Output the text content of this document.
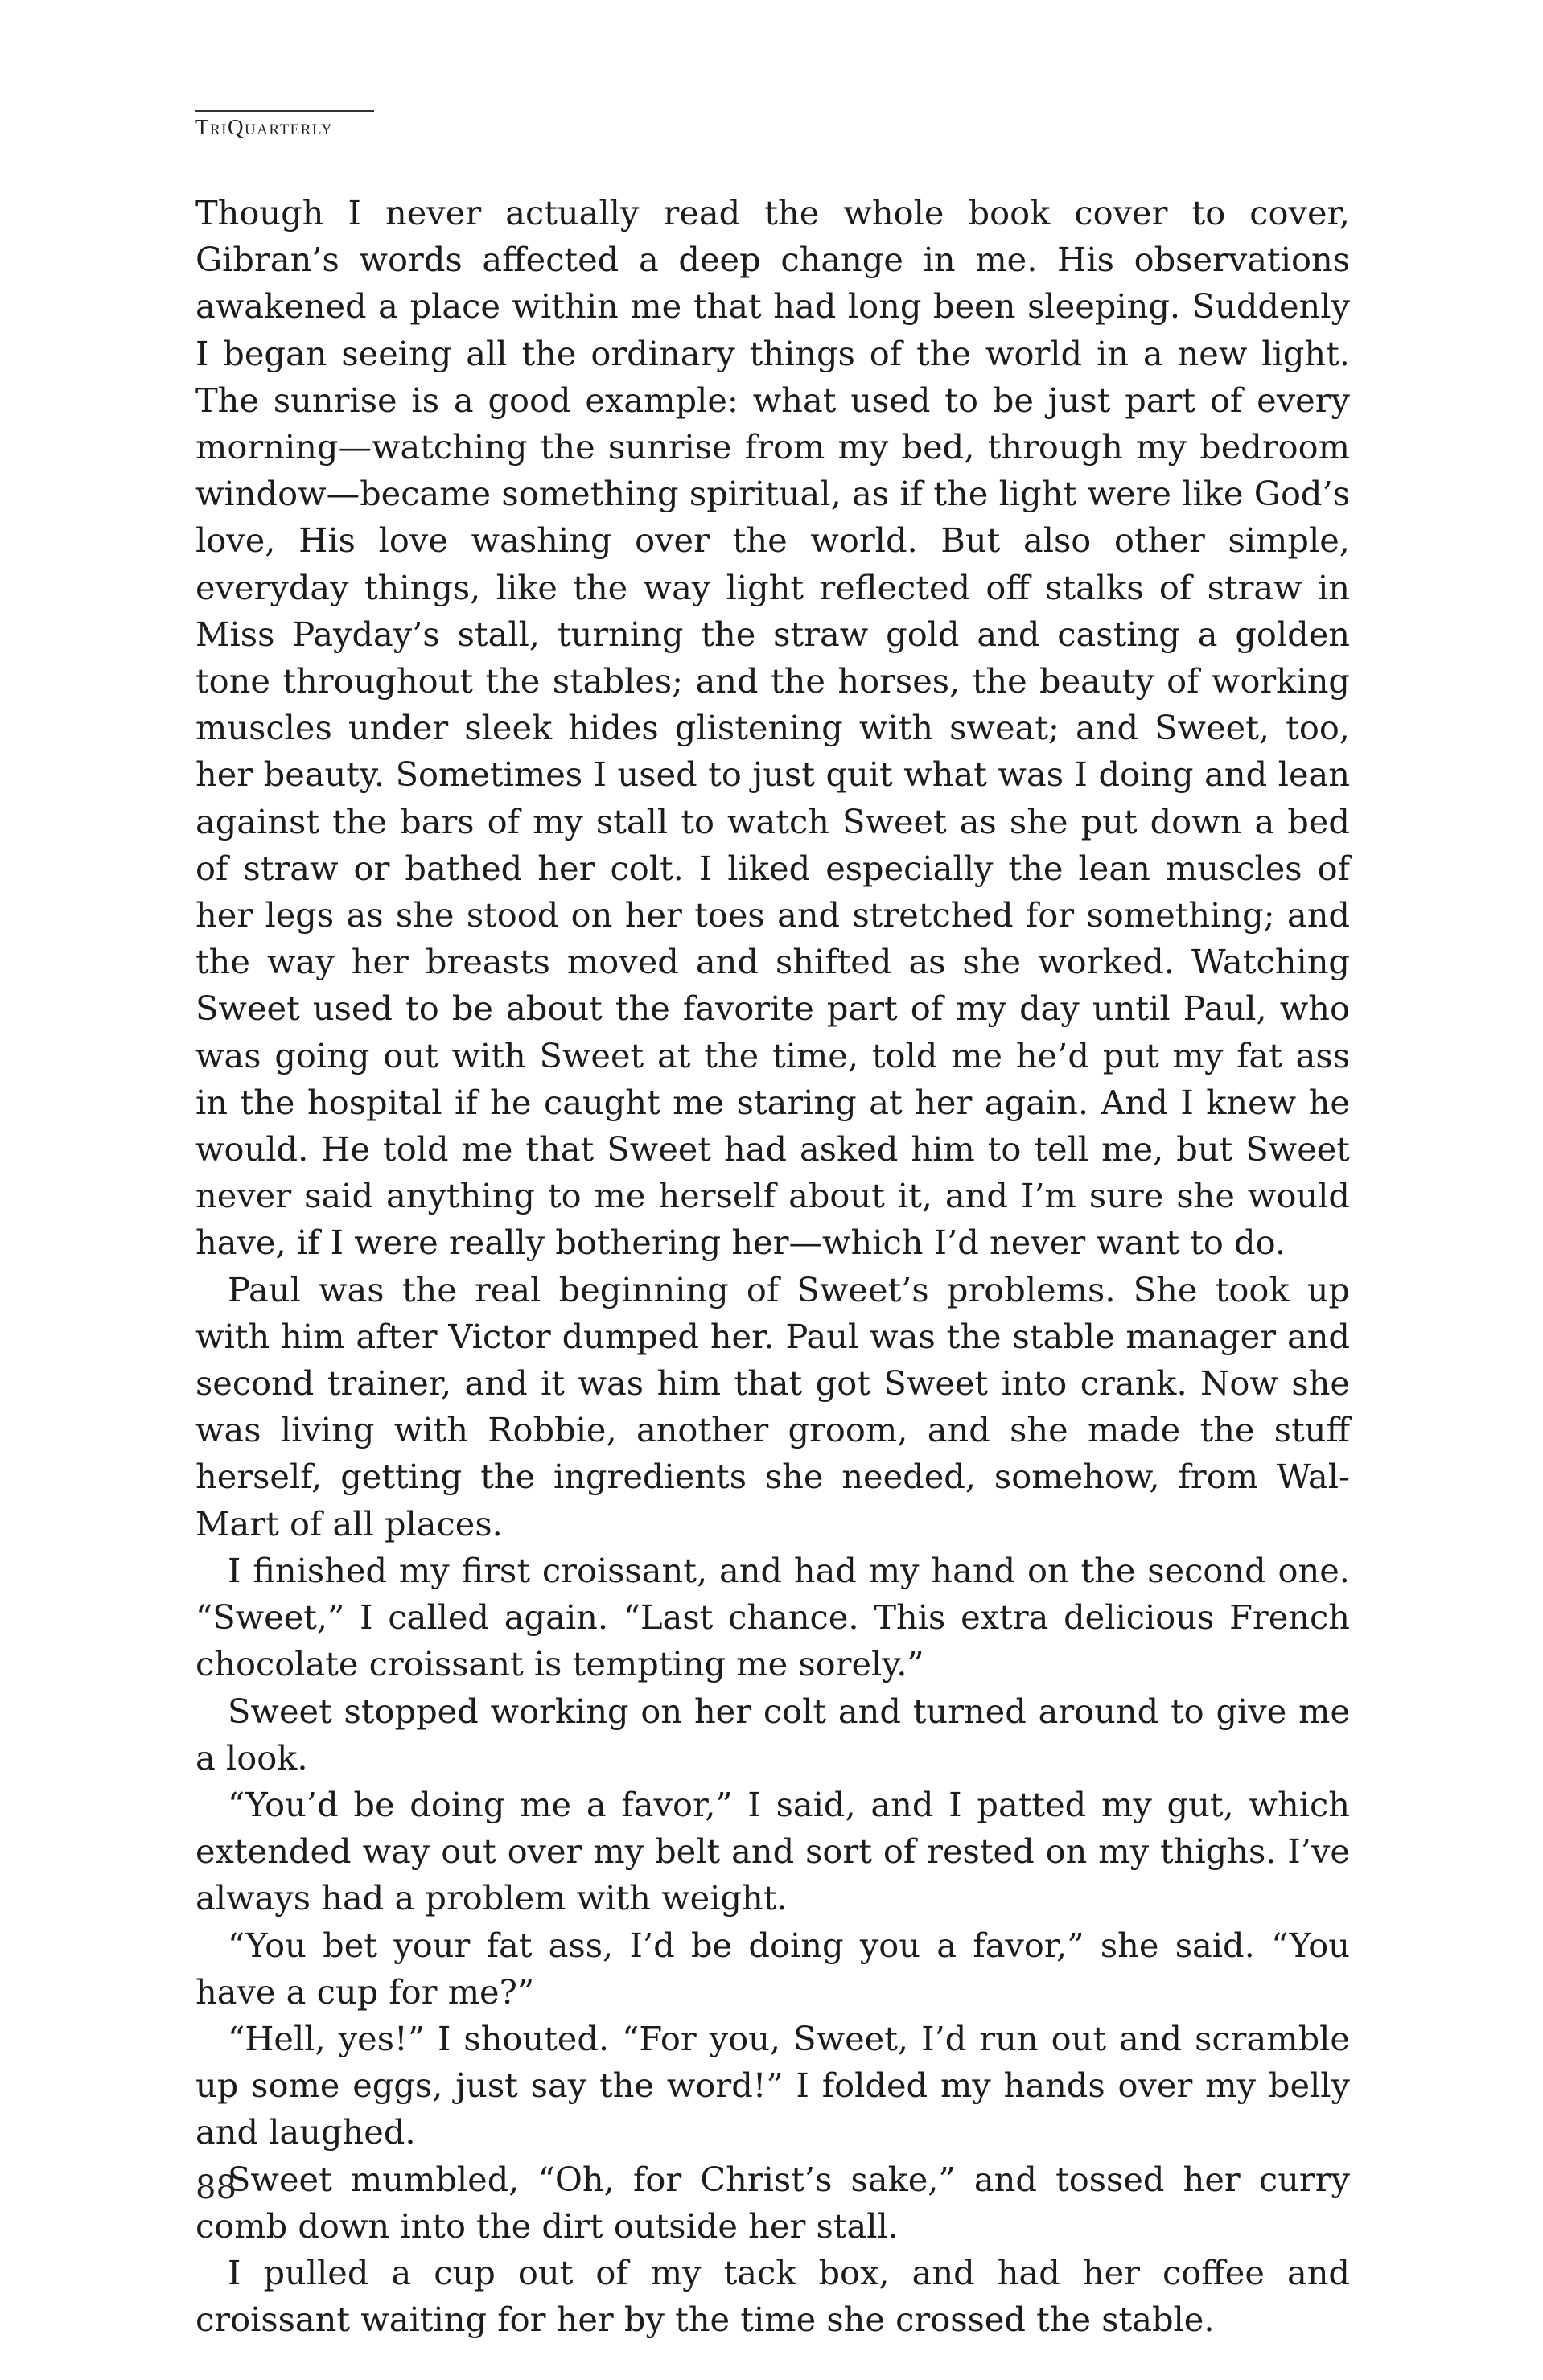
TriQuarterly

Though I never actually read the whole book cover to cover, Gibran’s words affected a deep change in me. His observations awakened a place within me that had long been sleeping. Suddenly I began seeing all the ordinary things of the world in a new light. The sunrise is a good example: what used to be just part of every morning—watching the sunrise from my bed, through my bedroom window—became something spiritual, as if the light were like God’s love, His love washing over the world. But also other simple, everyday things, like the way light reflected off stalks of straw in Miss Payday’s stall, turning the straw gold and casting a golden tone throughout the stables; and the horses, the beauty of working muscles under sleek hides glistening with sweat; and Sweet, too, her beauty. Sometimes I used to just quit what was I doing and lean against the bars of my stall to watch Sweet as she put down a bed of straw or bathed her colt. I liked especially the lean muscles of her legs as she stood on her toes and stretched for something; and the way her breasts moved and shifted as she worked. Watching Sweet used to be about the favorite part of my day until Paul, who was going out with Sweet at the time, told me he’d put my fat ass in the hospital if he caught me staring at her again. And I knew he would. He told me that Sweet had asked him to tell me, but Sweet never said anything to me herself about it, and I’m sure she would have, if I were really bothering her—which I’d never want to do.

Paul was the real beginning of Sweet’s problems. She took up with him after Victor dumped her. Paul was the stable manager and second trainer, and it was him that got Sweet into crank. Now she was living with Robbie, another groom, and she made the stuff herself, getting the ingredients she needed, somehow, from Wal-Mart of all places.

I finished my first croissant, and had my hand on the second one. “Sweet,” I called again. “Last chance. This extra delicious French chocolate croissant is tempting me sorely.”

Sweet stopped working on her colt and turned around to give me a look.

“You’d be doing me a favor,” I said, and I patted my gut, which extended way out over my belt and sort of rested on my thighs. I’ve always had a problem with weight.

“You bet your fat ass, I’d be doing you a favor,” she said. “You have a cup for me?”

“Hell, yes!” I shouted. “For you, Sweet, I’d run out and scramble up some eggs, just say the word!” I folded my hands over my belly and laughed.

Sweet mumbled, “Oh, for Christ’s sake,” and tossed her curry comb down into the dirt outside her stall.

I pulled a cup out of my tack box, and had her coffee and croissant waiting for her by the time she crossed the stable.

88
